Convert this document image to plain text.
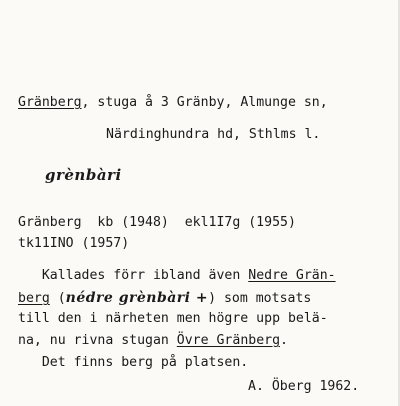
Gränberg, stuga å 3 Gränby, Almunge sn,
Närdinghundra hd, Sthlms l.
grènbàri
Gränberg  kb (1948)  ekl1I7g (1955)
tk11INO (1957)
Kallades förr ibland även Nedre Grän-
berg (nédre grènbàri +) som motsats
till den i närheten men högre upp belä-
na, nu rivna stugan Övre Gränberg.
Det finns berg på platsen.
A. Öberg 1962.
